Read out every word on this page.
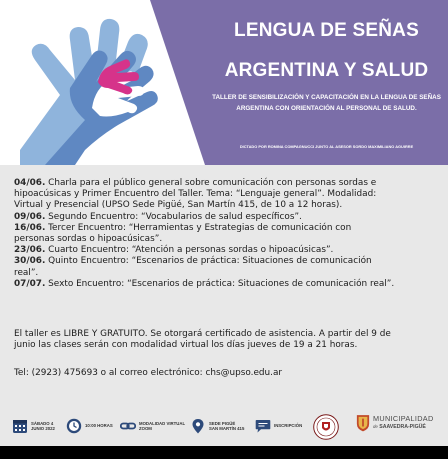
LENGUA DE SEÑAS
ARGENTINA Y SALUD
TALLER DE SENSIBILIZACIÓN Y CAPACITACIÓN EN LA LENGUA DE SEÑAS
ARGENTINA CON ORIENTACIÓN AL PERSONAL DE SALUD.
DICTADO POR ROMINA COMPAGNUCCI JUNTO AL ASESOR SORDO MAXIMILIANO AGUIRRE

04/06. Charla para el público general sobre comunicación con personas sordas e

hipoacúsicas y Primer Encuentro del Taller. Tema: “Lenguaje general”. Modalidad:

Virtual y Presencial (UPSO Sede Pigüé, San Martín 415, de 10 a 12 horas).

09/06. Segundo Encuentro: “Vocabularios de salud específicos”.

16/06. Tercer Encuentro: “Herramientas y Estrategias de comunicación con

personas sordas o hipoacúsicas”.

23/06. Cuarto Encuentro: “Atención a personas sordas o hipoacúsicas”.

30/06. Quinto Encuentro: “Escenarios de práctica: Situaciones de comunicación

real”.

07/07. Sexto Encuentro: “Escenarios de práctica: Situaciones de comunicación real”.

El taller es LIBRE Y GRATUITO. Se otorgará certificado de asistencia. A partir del 9 de
junio las clases serán con modalidad virtual los días jueves de 19 a 21 horas.
Tel: (2923) 475693 o al correo electrónico: chs@upso.edu.ar
SÁBADO 4
JUNIO 2022
10:00 HORAS
MODALIDAD VIRTUAL
ZOOM
SEDE PIGÜÉ
SAN MARTÍN 415
INSCRIPCIÓN
MUNICIPALIDAD
de SAAVEDRA-PIGÜÉ
